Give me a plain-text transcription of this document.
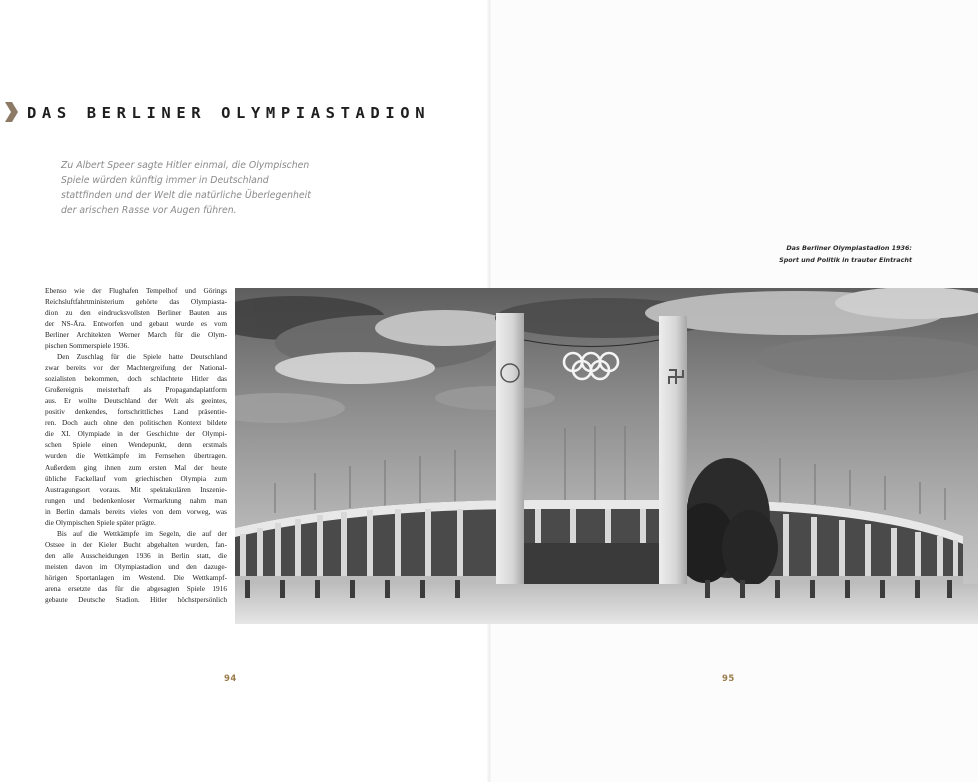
DAS BERLINER OLYMPIASTADION

Zu Albert Speer sagte Hitler einmal, die Olympischen
Spiele würden künftig immer in Deutschland
stattfinden und der Welt die natürliche Überlegenheit
der arischen Rasse vor Augen führen.

Das Berliner Olympiastadion 1936:
Sport und Politik in trauter Eintracht

Ebenso wie der Flughafen Tempelhof und Görings
Reichsluftfahrtministerium gehörte das Olympiasta-
dion zu den eindrucksvollsten Berliner Bauten aus
der NS-Ära. Entworfen und gebaut wurde es vom
Berliner Architekten Werner March für die Olym-
pischen Sommerspiele 1936.
Den Zuschlag für die Spiele hatte Deutschland
zwar bereits vor der Machtergreifung der National-
sozialisten bekommen, doch schlachtete Hitler das
Großereignis meisterhaft als Propagandaplattform
aus. Er wollte Deutschland der Welt als geeintes,
positiv denkendes, fortschrittliches Land präsentie-
ren. Doch auch ohne den politischen Kontext bildete
die XI. Olympiade in der Geschichte der Olympi-
schen Spiele einen Wendepunkt, denn erstmals
wurden die Wettkämpfe im Fernsehen übertragen.
Außerdem ging ihnen zum ersten Mal der heute
übliche Fackellauf vom griechischen Olympia zum
Austragungsort voraus. Mit spektakulären Inszenie-
rungen und bedenkenloser Vermarktung nahm man
in Berlin damals bereits vieles von dem vorweg, was
die Olympischen Spiele später prägte.
Bis auf die Wettkämpfe im Segeln, die auf der
Ostsee in der Kieler Bucht abgehalten wurden, fan-
den alle Ausscheidungen 1936 in Berlin statt, die
meisten davon im Olympiastadion und den dazuge-
hörigen Sportanlagen im Westend. Die Wettkampf-
arena ersetzte das für die abgesagten Spiele 1916
gebaute Deutsche Stadion. Hitler höchstpersönlich

94	95
